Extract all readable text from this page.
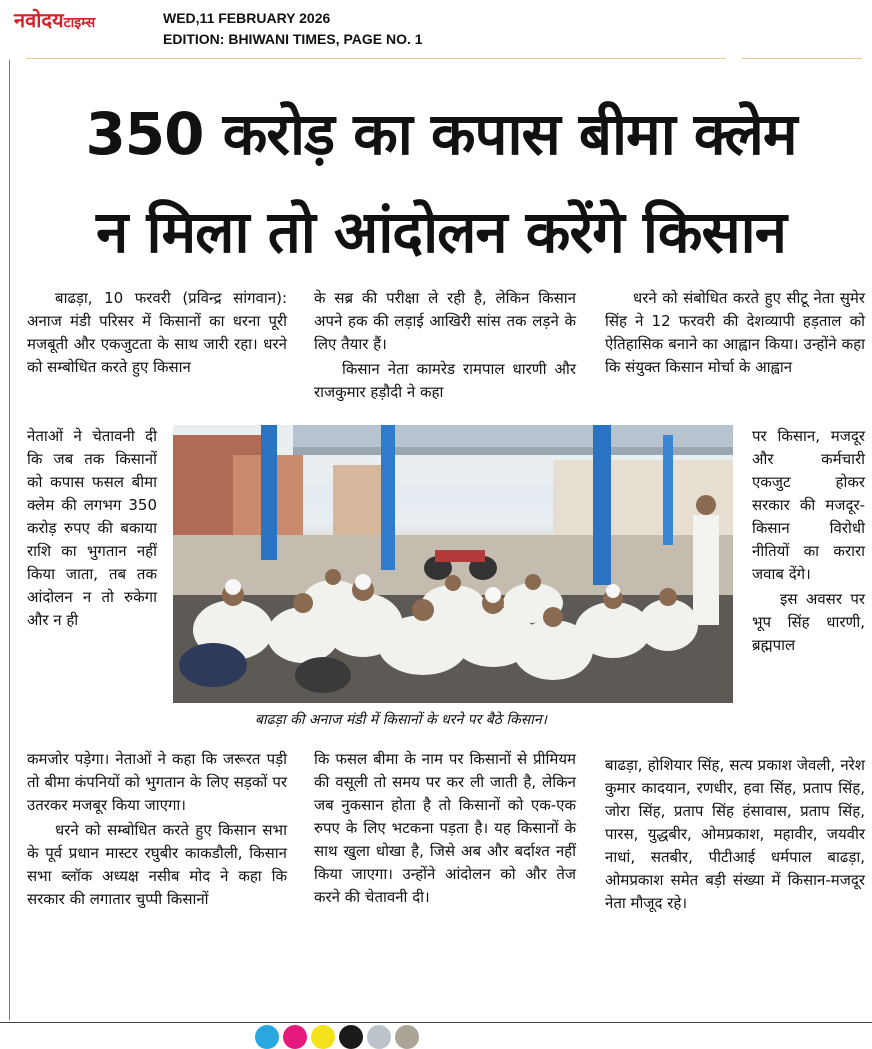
नवोदयटाइम्स	WED,11 FEBRUARY 2026
EDITION: BHIWANI TIMES, PAGE NO. 1
350 करोड़ का कपास बीमा क्लेम
न मिला तो आंदोलन करेंगे किसान

बाढड़ा, 10 फरवरी (प्रविन्द्र सांगवान): अनाज मंडी परिसर में किसानों का धरना पूरी मजबूती और एकजुटता के साथ जारी रहा। धरने को सम्बोधित करते हुए किसान

नेताओं ने चेतावनी दी कि जब तक किसानों को कपास फसल बीमा क्लेम की लगभग 350 करोड़ रुपए की बकाया राशि का भुगतान नहीं किया जाता, तब तक आंदोलन न तो रुकेगा और न ही

कमजोर पड़ेगा। नेताओं ने कहा कि जरूरत पड़ी तो बीमा कंपनियों को भुगतान के लिए सड़कों पर उतरकर मजबूर किया जाएगा।

धरने को सम्बोधित करते हुए किसान सभा के पूर्व प्रधान मास्टर रघुबीर काकडौली, किसान सभा ब्लॉक अध्यक्ष नसीब मोद ने कहा कि सरकार की लगातार चुप्पी किसानों

के सब्र की परीक्षा ले रही है, लेकिन किसान अपने हक की लड़ाई आखिरी सांस तक लड़ने के लिए तैयार हैं।

किसान नेता कामरेड रामपाल धारणी और राजकुमार हड़ौदी ने कहा

कि फसल बीमा के नाम पर किसानों से प्रीमियम की वसूली तो समय पर कर ली जाती है, लेकिन जब नुकसान होता है तो किसानों को एक-एक रुपए के लिए भटकना पड़ता है। यह किसानों के साथ खुला धोखा है, जिसे अब और बर्दाश्त नहीं किया जाएगा। उन्होंने आंदोलन को और तेज करने की चेतावनी दी।

धरने को संबोधित करते हुए सीटू नेता सुमेर सिंह ने 12 फरवरी की देशव्यापी हड़ताल को ऐतिहासिक बनाने का आह्वान किया। उन्होंने कहा कि संयुक्त किसान मोर्चा के आह्वान

पर किसान, मजदूर और कर्मचारी एकजुट होकर सरकार की मजदूर-किसान विरोधी नीतियों का करारा जवाब देंगे।

इस अवसर पर भूप सिंह धारणी, ब्रह्मपाल

बाढड़ा, होशियार सिंह, सत्य प्रकाश जेवली, नरेश कुमार कादयान, रणधीर, हवा सिंह, प्रताप सिंह, जोरा सिंह, प्रताप सिंह हंसावास, प्रताप सिंह, पारस, युद्धबीर, ओमप्रकाश, महावीर, जयवीर नाधां, सतबीर, पीटीआई धर्मपाल बाढड़ा, ओमप्रकाश समेत बड़ी संख्या में किसान-मजदूर नेता मौजूद रहे।

बाढड़ा की अनाज मंडी में किसानों के धरने पर बैठे किसान।
